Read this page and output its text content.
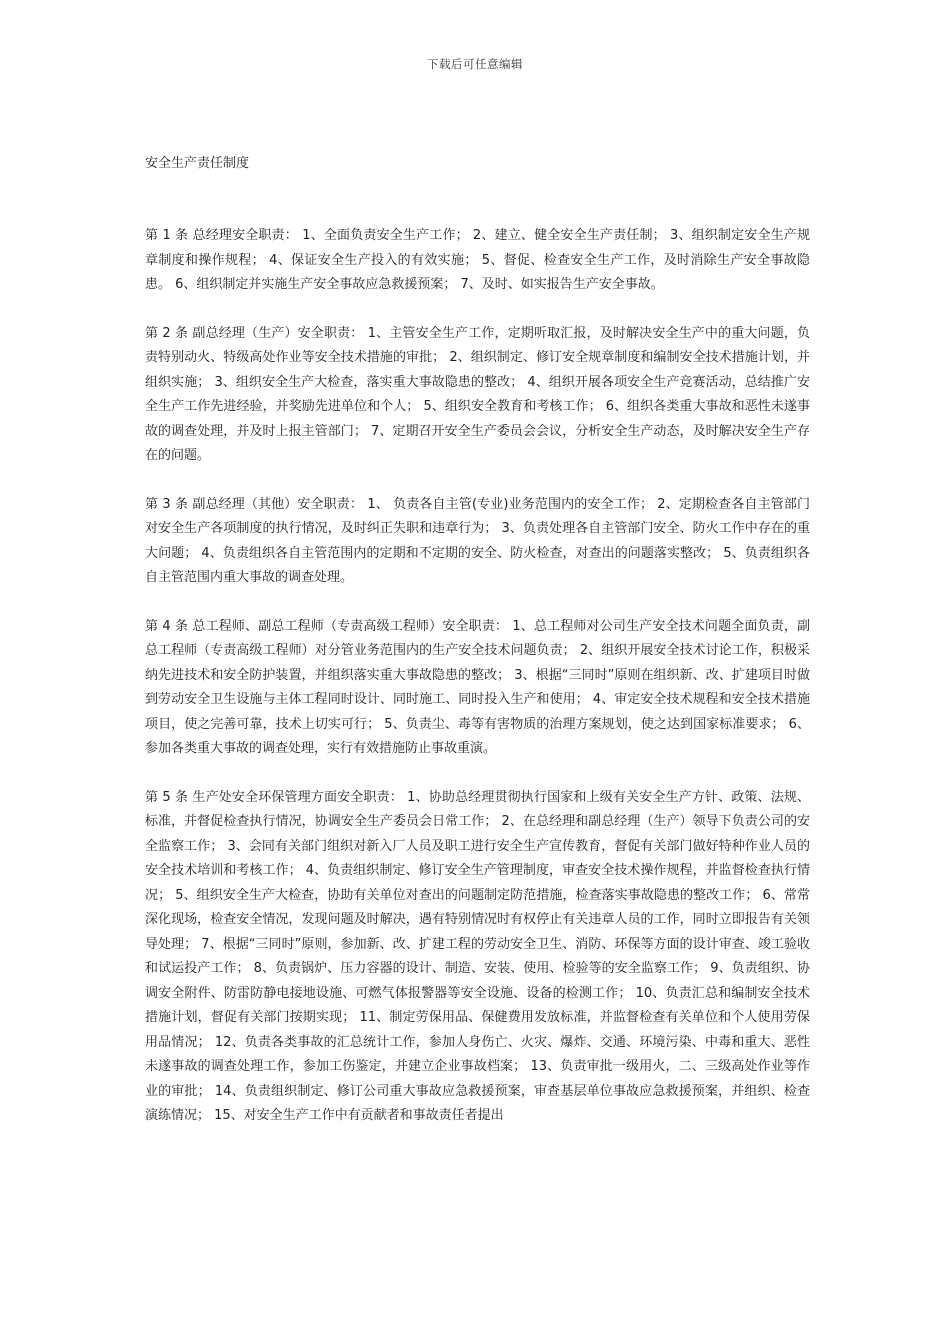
下载后可任意编辑
安全生产责任制度

第 1 条 总经理安全职责： 1、全面负责安全生产工作； 2、建立、健全安全生产责任制； 3、组织制定安全生产规章制度和操作规程； 4、保证安全生产投入的有效实施； 5、督促、检查安全生产工作，及时消除生产安全事故隐患。 6、组织制定并实施生产安全事故应急救援预案； 7、及时、如实报告生产安全事故。

第 2 条 副总经理（生产）安全职责： 1、主管安全生产工作，定期听取汇报，及时解决安全生产中的重大问题，负责特别动火、特级高处作业等安全技术措施的审批； 2、组织制定、修订安全规章制度和编制安全技术措施计划，并组织实施； 3、组织安全生产大检查，落实重大事故隐患的整改； 4、组织开展各项安全生产竞赛活动，总结推广安全生产工作先进经验，并奖励先进单位和个人； 5、组织安全教育和考核工作； 6、组织各类重大事故和恶性未遂事故的调查处理，并及时上报主管部门； 7、定期召开安全生产委员会会议，分析安全生产动态，及时解决安全生产存在的问题。

第 3 条 副总经理（其他）安全职责： 1、 负责各自主管(专业)业务范围内的安全工作； 2、定期检查各自主管部门对安全生产各项制度的执行情况，及时纠正失职和违章行为； 3、负责处理各自主管部门安全、防火工作中存在的重大问题； 4、负责组织各自主管范围内的定期和不定期的安全、防火检查，对查出的问题落实整改； 5、负责组织各自主管范围内重大事故的调查处理。

第 4 条 总工程师、副总工程师（专责高级工程师）安全职责： 1、总工程师对公司生产安全技术问题全面负责，副总工程师（专责高级工程师）对分管业务范围内的生产安全技术问题负责； 2、组织开展安全技术讨论工作，积极采纳先进技术和安全防护装置，并组织落实重大事故隐患的整改； 3、根据“三同时”原则在组织新、改、扩建项目时做到劳动安全卫生设施与主体工程同时设计、同时施工、同时投入生产和使用； 4、审定安全技术规程和安全技术措施项目，使之完善可靠，技术上切实可行； 5、负责尘、毒等有害物质的治理方案规划，使之达到国家标准要求； 6、参加各类重大事故的调查处理，实行有效措施防止事故重演。

第 5 条 生产处安全环保管理方面安全职责： 1、协助总经理贯彻执行国家和上级有关安全生产方针、政策、法规、标准，并督促检查执行情况，协调安全生产委员会日常工作； 2、在总经理和副总经理（生产）领导下负责公司的安全监察工作； 3、会同有关部门组织对新入厂人员及职工进行安全生产宣传教育，督促有关部门做好特种作业人员的安全技术培训和考核工作； 4、负责组织制定、修订安全生产管理制度，审查安全技术操作规程，并监督检查执行情况； 5、组织安全生产大检查，协助有关单位对查出的问题制定防范措施，检查落实事故隐患的整改工作； 6、常常深化现场，检查安全情况，发现问题及时解决，遇有特别情况时有权停止有关违章人员的工作，同时立即报告有关领导处理； 7、根据“三同时”原则，参加新、改、扩建工程的劳动安全卫生、消防、环保等方面的设计审查、竣工验收和试运投产工作； 8、负责锅炉、压力容器的设计、制造、安装、使用、检验等的安全监察工作； 9、负责组织、协调安全附件、防雷防静电接地设施、可燃气体报警器等安全设施、设备的检测工作； 10、负责汇总和编制安全技术措施计划，督促有关部门按期实现； 11、制定劳保用品、保健费用发放标准，并监督检查有关单位和个人使用劳保用品情况； 12、负责各类事故的汇总统计工作，参加人身伤亡、火灾、爆炸、交通、环境污染、中毒和重大、恶性未遂事故的调查处理工作，参加工伤鉴定，并建立企业事故档案； 13、负责审批一级用火，二、三级高处作业等作业的审批； 14、负责组织制定、修订公司重大事故应急救援预案，审查基层单位事故应急救援预案，并组织、检查演练情况； 15、对安全生产工作中有贡献者和事故责任者提出
